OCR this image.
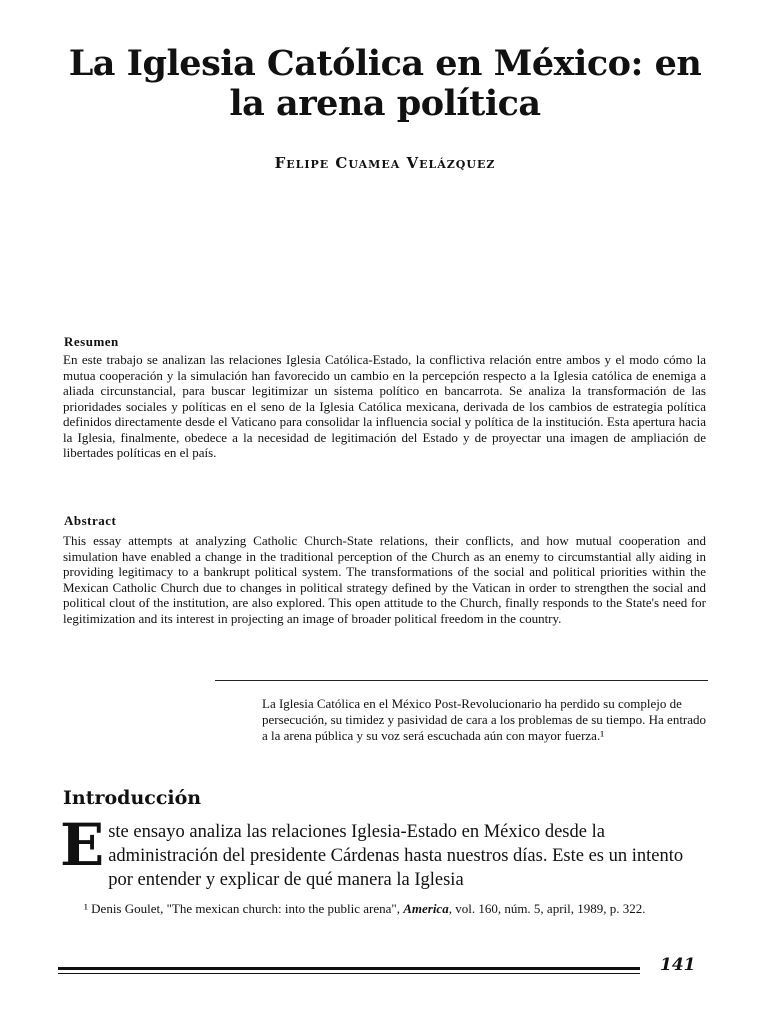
La Iglesia Católica en México: en
la arena política
Felipe Cuamea Velázquez
Resumen
En este trabajo se analizan las relaciones Iglesia Católica-Estado, la conflictiva relación entre ambos y el modo cómo la mutua cooperación y la simulación han favorecido un cambio en la percepción respecto a la Iglesia católica de enemiga a aliada circunstancial, para buscar legitimizar un sistema político en bancarrota. Se analiza la transformación de las prioridades sociales y políticas en el seno de la Iglesia Católica mexicana, derivada de los cambios de estrategia política definidos directamente desde el Vaticano para consolidar la influencia social y política de la institución. Esta apertura hacia la Iglesia, finalmente, obedece a la necesidad de legitimación del Estado y de proyectar una imagen de ampliación de libertades políticas en el país.
Abstract
This essay attempts at analyzing Catholic Church-State relations, their conflicts, and how mutual cooperation and simulation have enabled a change in the traditional perception of the Church as an enemy to circumstantial ally aiding in providing legitimacy to a bankrupt political system. The transformations of the social and political priorities within the Mexican Catholic Church due to changes in political strategy defined by the Vatican in order to strengthen the social and political clout of the institution, are also explored. This open attitude to the Church, finally responds to the State's need for legitimization and its interest in projecting an image of broader political freedom in the country.
La Iglesia Católica en el México Post-Revolucionario ha perdido su complejo de persecución, su timidez y pasividad de cara a los problemas de su tiempo. Ha entrado a la arena pública y su voz será escuchada aún con mayor fuerza.¹
Introducción
E ste ensayo analiza las relaciones Iglesia-Estado en México desde la administración del presidente Cárdenas hasta nuestros días. Este es un intento por entender y explicar de qué manera la Iglesia
¹ Denis Goulet, "The mexican church: into the public arena", America, vol. 160, núm. 5, april, 1989, p. 322.
141
